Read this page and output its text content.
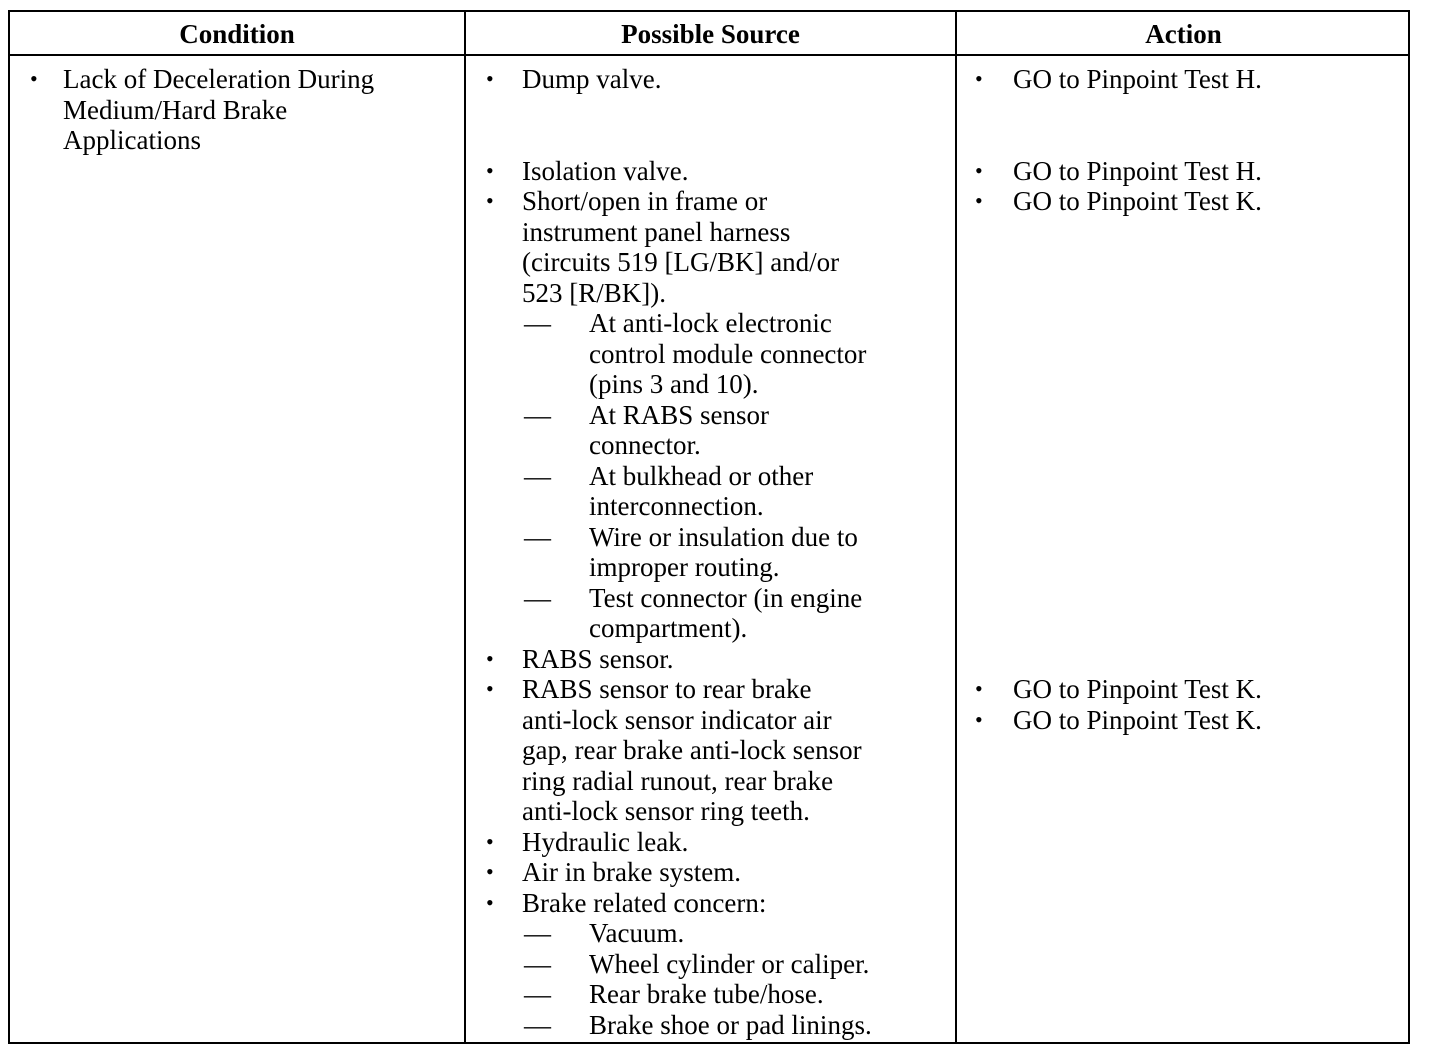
Condition	Possible Source	Action
• Lack of Deceleration During
Medium/Hard Brake
Applications
• Dump valve.
• Isolation valve.
• Short/open in frame or
instrument panel harness
(circuits 519 [LG/BK] and/or
523 [R/BK]).
— At anti-lock electronic
control module connector
(pins 3 and 10).
— At RABS sensor
connector.
— At bulkhead or other
interconnection.
— Wire or insulation due to
improper routing.
— Test connector (in engine
compartment).
• RABS sensor.
• RABS sensor to rear brake
anti-lock sensor indicator air
gap, rear brake anti-lock sensor
ring radial runout, rear brake
anti-lock sensor ring teeth.
• Hydraulic leak.
• Air in brake system.
• Brake related concern:
— Vacuum.
— Wheel cylinder or caliper.
— Rear brake tube/hose.
— Brake shoe or pad linings.
• GO to Pinpoint Test H.
• GO to Pinpoint Test H.
• GO to Pinpoint Test K.
• GO to Pinpoint Test K.
• GO to Pinpoint Test K.
